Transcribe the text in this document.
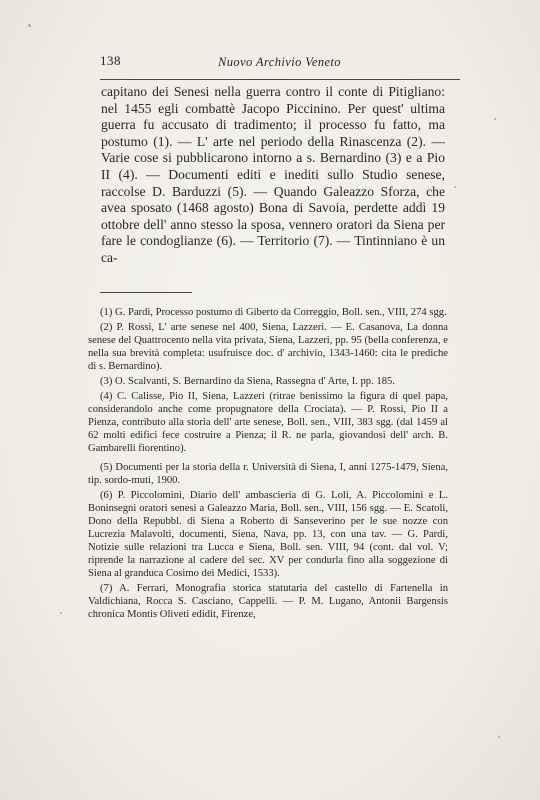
138	Nuovo Archivio Veneto

capitano dei Senesi nella guerra contro il conte di Pitigliano: nel 1455 egli combattè Jacopo Piccinino. Per quest' ultima guerra fu accusato di tradimento; il processo fu fatto, ma postumo (1). — L' arte nel periodo della Rinascenza (2). — Varie cose si pubblicarono intorno a s. Bernardino (3) e a Pio II (4). — Documenti editi e inediti sullo Studio senese, raccolse D. Barduzzi (5). — Quando Galeazzo Sforza, che avea sposato (1468 agosto) Bona di Savoia, perdette addì 19 ottobre dell' anno stesso la sposa, vennero oratori da Siena per fare le condoglianze (6). — Territorio (7). — Tintinniano è un ca-

(1) G. Pardi, Processo postumo di Giberto da Correggio, Boll. sen., VIII, 274 sgg.

(2) P. Rossi, L' arte senese nel 400, Siena, Lazzeri. — E. Casanova, La donna senese del Quattrocento nella vita privata, Siena, Lazzeri, pp. 95 (bella conferenza, e nella sua brevità completa: usufruisce doc. d' archivio, 1343-1460: cita le prediche di s. Bernardino).

(3) O. Scalvanti, S. Bernardino da Siena, Rassegna d' Arte, I. pp. 185.

(4) C. Calisse, Pio II, Siena, Lazzeri (ritrae benissimo la figura di quel papa, considerandolo anche come propugnatore della Crociata). — P. Rossi, Pio II a Pienza, contributo alla storia dell' arte senese, Boll. sen., VIII, 383 sgg. (dal 1459 al 62 molti edifici fece costruire a Pienza; il R. ne parla, giovandosi dell' arch. B. Gambarelli fiorentino).

(5) Documenti per la storia della r. Università di Siena, I, anni 1275-1479, Siena, tip. sordo-muti, 1900.

(6) P. Piccolomini, Diario dell' ambascieria di G. Loli, A. Piccolomini e L. Boninsegni oratori senesi a Galeazzo Maria, Boll. sen., VIII, 156 sgg. — E. Scatoli, Dono della Repubbl. di Siena a Roberto di Sanseverino per le sue nozze con Lucrezia Malavolti, documenti, Siena, Nava, pp. 13, con una tav. — G. Pardi, Notizie sulle relazioni tra Lucca e Siena, Boll. sen. VIII, 94 (cont. dal vol. V; riprende la narrazione al cadere del sec. XV per condurla fino alla soggezione di Siena al granduca Cosimo dei Medici, 1533).

(7) A. Ferrari, Monografia storica statutaria del castello di Fartenella in Valdichiana, Rocca S. Casciano, Cappelli. — P. M. Lugano, Antonii Bargensis chronica Montis Oliveti edidit, Firenze,
